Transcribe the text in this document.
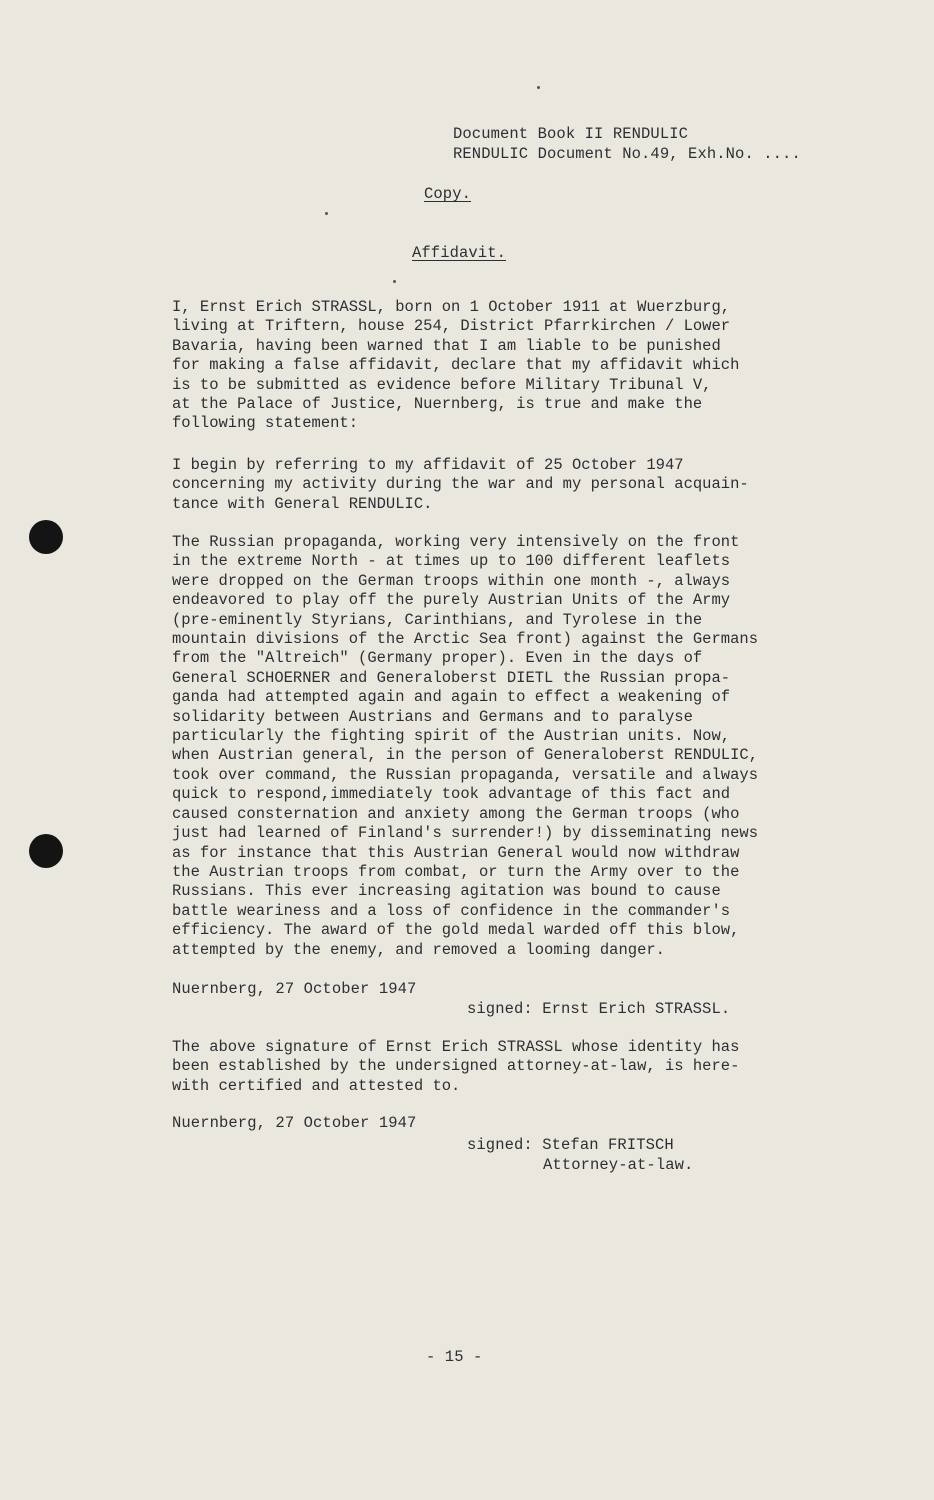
Document Book II RENDULIC
RENDULIC Document No.49, Exh.No. ....
Copy.
Affidavit.
I, Ernst Erich STRASSL, born on 1 October 1911 at Wuerzburg,
living at Triftern, house 254, District Pfarrkirchen / Lower
Bavaria, having been warned that I am liable to be punished
for making a false affidavit, declare that my affidavit which
is to be submitted as evidence before Military Tribunal V,
at the Palace of Justice, Nuernberg, is true and make the
following statement:
I begin by referring to my affidavit of 25 October 1947
concerning my activity during the war and my personal acquain-
tance with General RENDULIC.
The Russian propaganda, working very intensively on the front
in the extreme North - at times up to 100 different leaflets
were dropped on the German troops within one month -, always
endeavored to play off the purely Austrian Units of the Army
(pre-eminently Styrians, Carinthians, and Tyrolese in the
mountain divisions of the Arctic Sea front) against the Germans
from the "Altreich" (Germany proper). Even in the days of
General SCHOERNER and Generaloberst DIETL the Russian propa-
ganda had attempted again and again to effect a weakening of
solidarity between Austrians and Germans and to paralyse
particularly the fighting spirit of the Austrian units. Now,
when Austrian general, in the person of Generaloberst RENDULIC,
took over command, the Russian propaganda, versatile and always
quick to respond,immediately took advantage of this fact and
caused consternation and anxiety among the German troops (who
just had learned of Finland's surrender!) by disseminating news
as for instance that this Austrian General would now withdraw
the Austrian troops from combat, or turn the Army over to the
Russians. This ever increasing agitation was bound to cause
battle weariness and a loss of confidence in the commander's
efficiency. The award of the gold medal warded off this blow,
attempted by the enemy, and removed a looming danger.
Nuernberg, 27 October 1947
signed: Ernst Erich STRASSL.
The above signature of Ernst Erich STRASSL whose identity has
been established by the undersigned attorney-at-law, is here-
with certified and attested to.
Nuernberg, 27 October 1947
signed: Stefan FRITSCH
Attorney-at-law.
- 15 -
